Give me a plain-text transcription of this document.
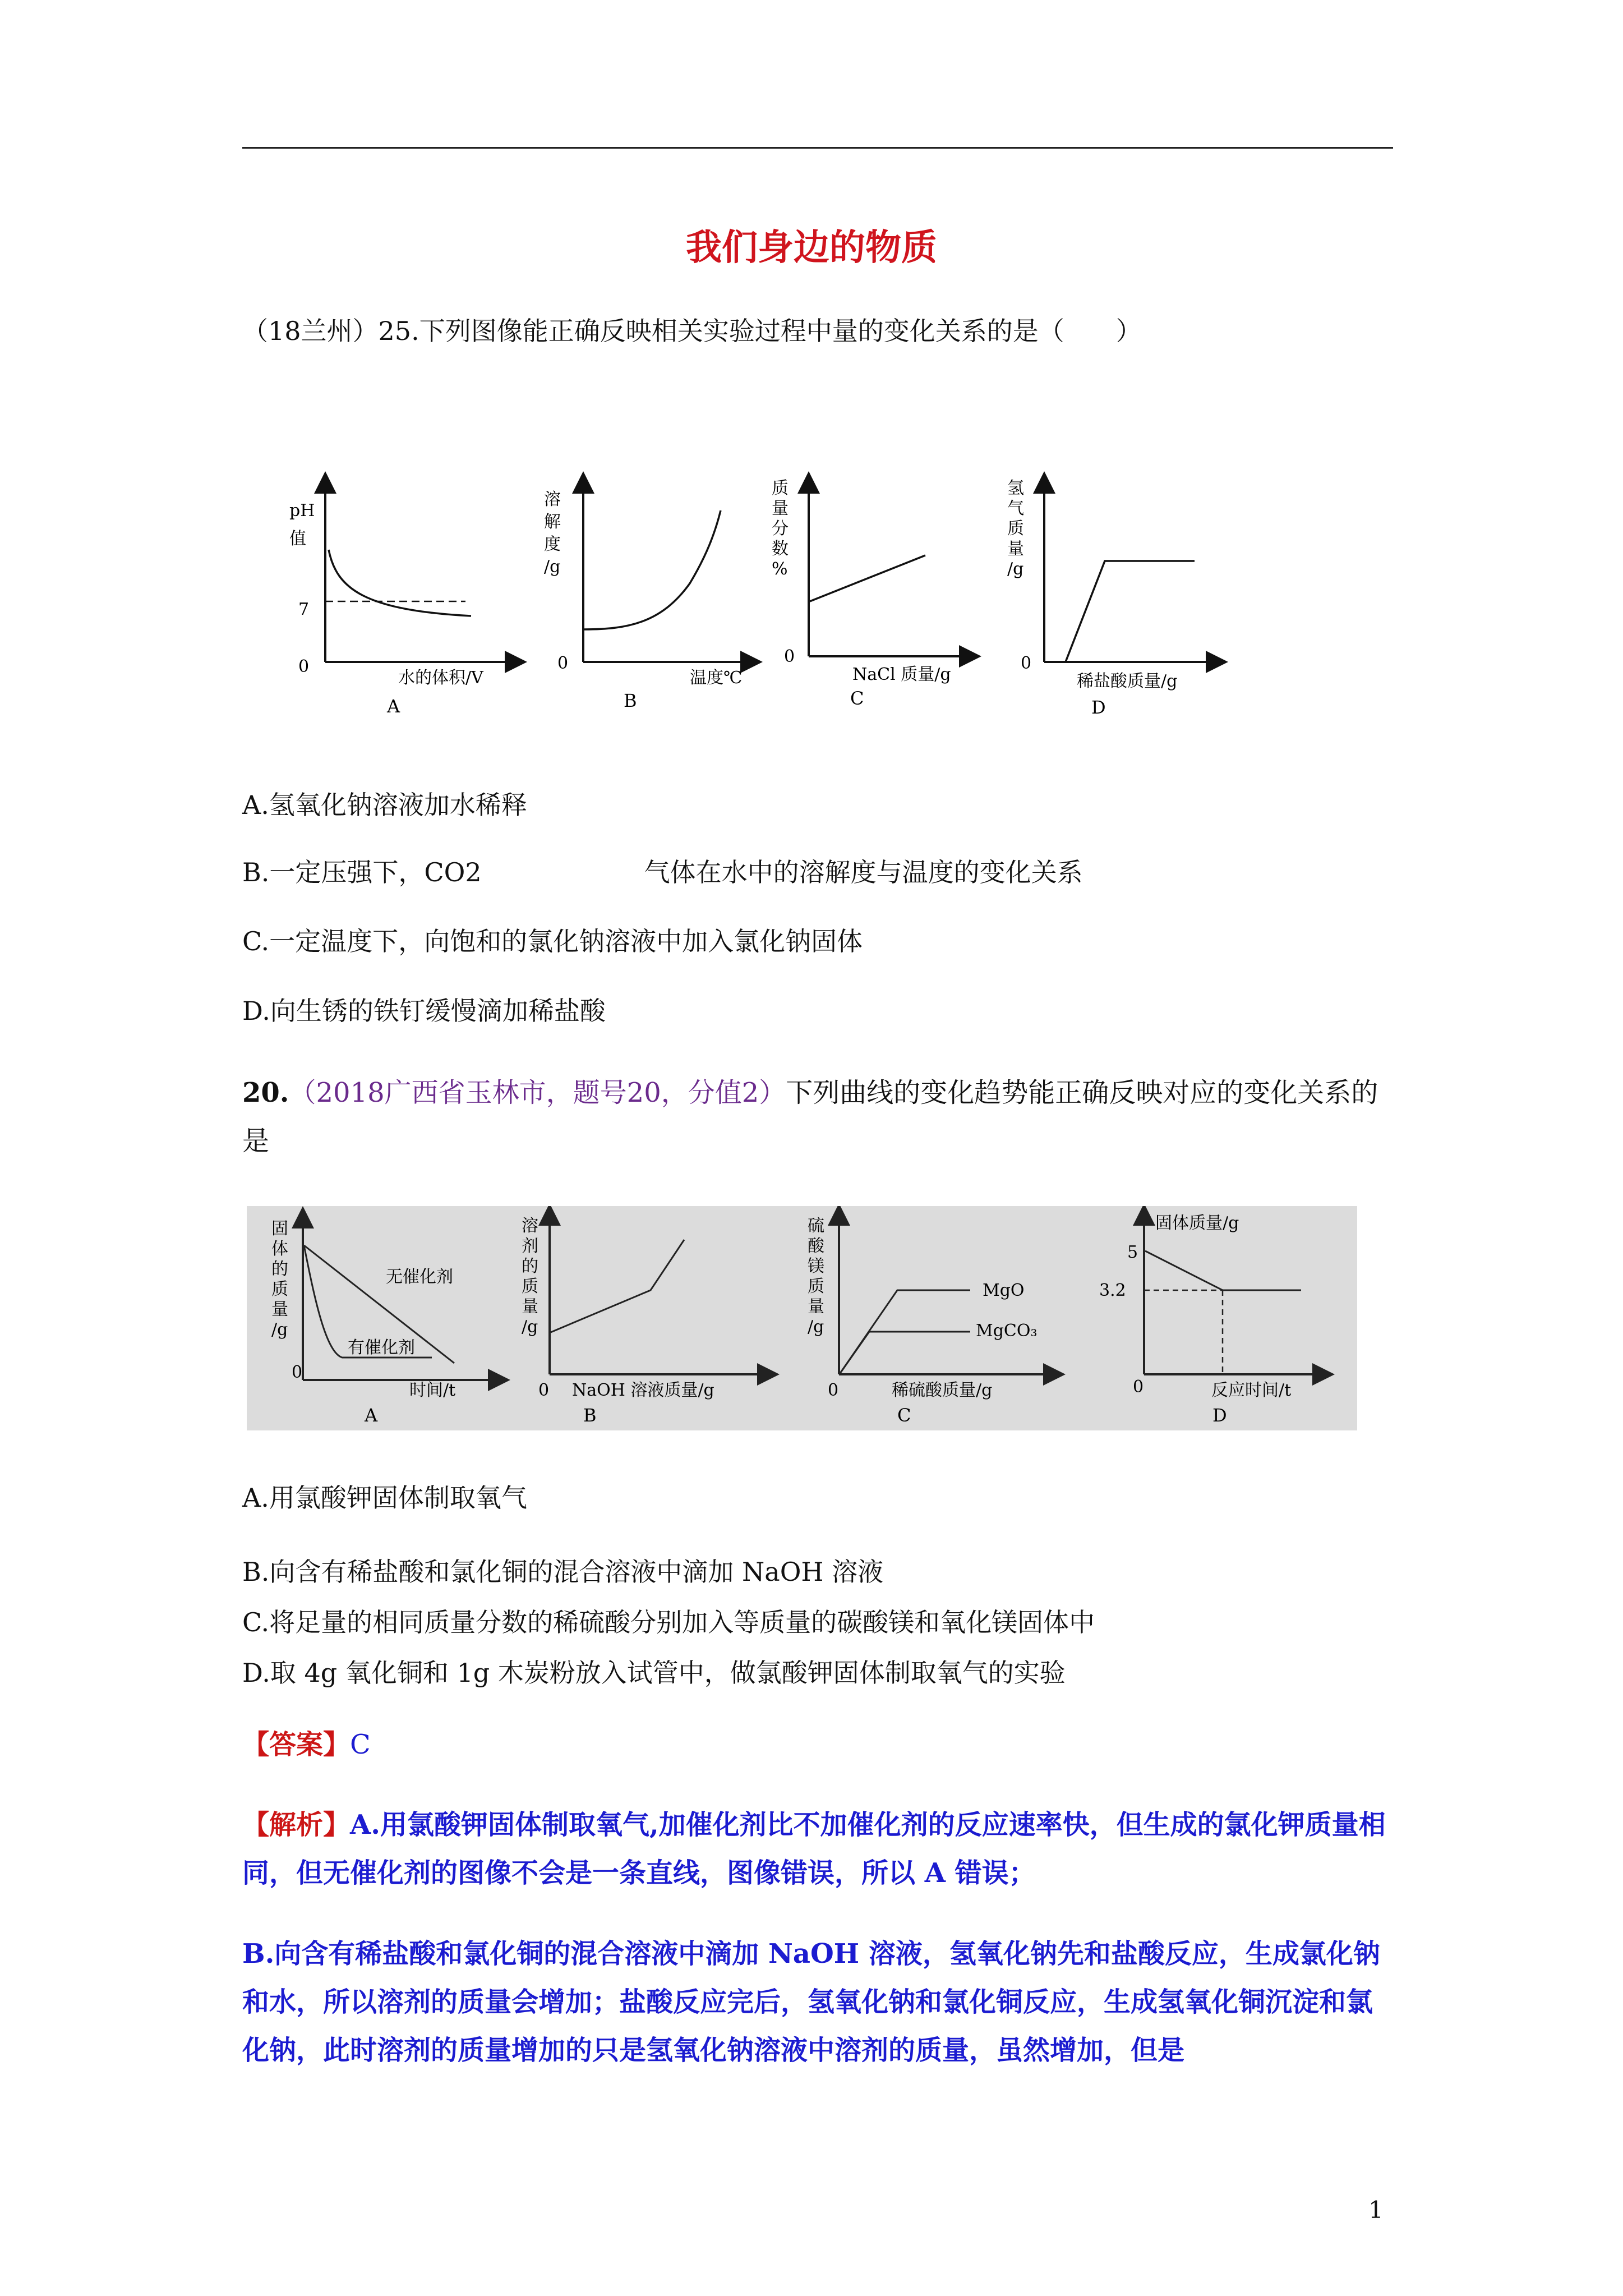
我们身边的物质
（18兰州）25.下列图像能正确反映相关实验过程中量的变化关系的是（　　）
pH
值
7
0
水的体积/V
A
溶
解
度
/g
0
温度℃
B
质
量
分
数
%
0
NaCl 质量/g
C
氢
气
质
量
/g
0
稀盐酸质量/g
D
A.氢氧化钠溶液加水稀释
B.一定压强下，CO2	气体在水中的溶解度与温度的变化关系
C.一定温度下，向饱和的氯化钠溶液中加入氯化钠固体
D.向生锈的铁钉缓慢滴加稀盐酸
20.（2018广西省玉林市，题号20，分值2）下列曲线的变化趋势能正确反映对应的变化关系的是
固
体
的
质
量
/g
0
无催化剂
有催化剂
时间/t
A
溶
剂
的
质
量
/g
0 NaOH 溶液质量/g
B
硫
酸
镁
质
量
/g
0
MgO
MgCO₃
稀硫酸质量/g
C
固体质量/g
5
3.2
0	反应时间/t
D
A.用氯酸钾固体制取氧气
B.向含有稀盐酸和氯化铜的混合溶液中滴加 NaOH 溶液
C.将足量的相同质量分数的稀硫酸分别加入等质量的碳酸镁和氧化镁固体中
D.取 4g 氧化铜和 1g 木炭粉放入试管中，做氯酸钾固体制取氧气的实验
【答案】C
【解析】A.用氯酸钾固体制取氧气,加催化剂比不加催化剂的反应速率快，但生成的氯化钾质量相同，但无催化剂的图像不会是一条直线，图像错误，所以 A 错误；
B.向含有稀盐酸和氯化铜的混合溶液中滴加 NaOH 溶液，氢氧化钠先和盐酸反应，生成氯化钠和水，所以溶剂的质量会增加；盐酸反应完后，氢氧化钠和氯化铜反应，生成氢氧化铜沉淀和氯化钠，此时溶剂的质量增加的只是氢氧化钠溶液中溶剂的质量，虽然增加，但是
1
